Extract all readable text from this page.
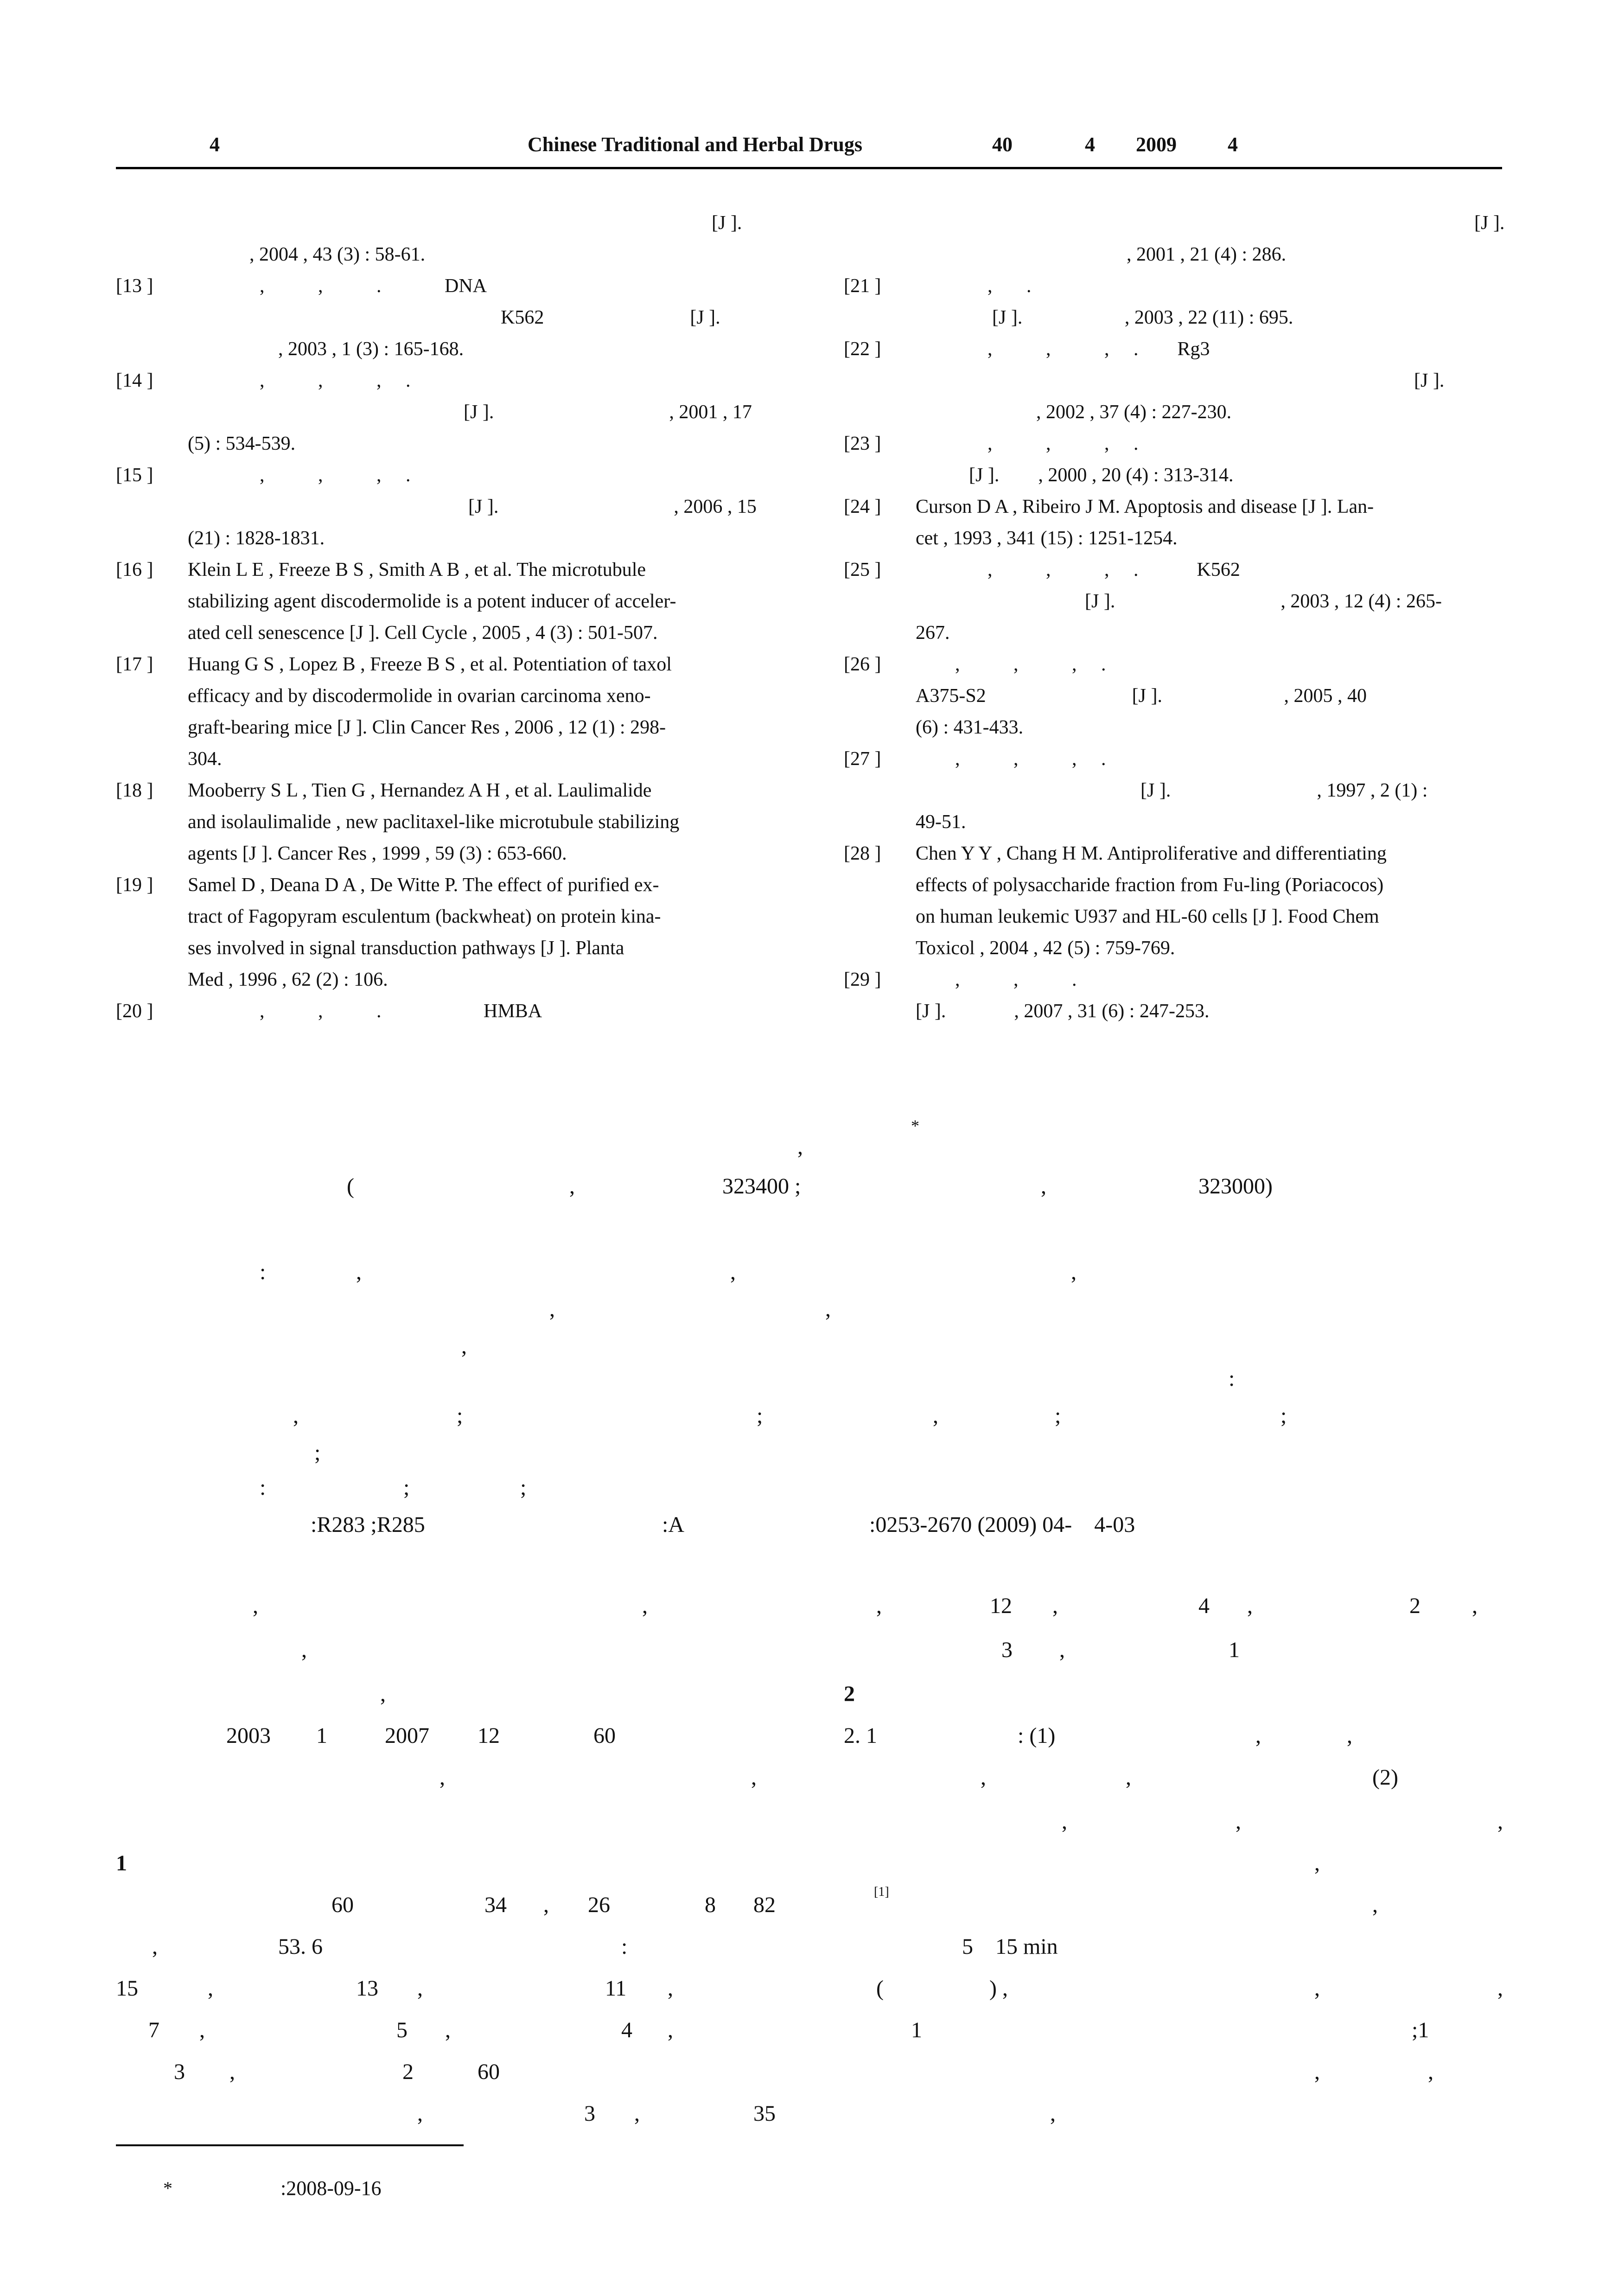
4	Chinese Traditional and Herbal Drugs	40	4 2009	4
[J ].
, 2004 , 43 (3) : 58-61.
[13 ]	,           ,           .             DNA
K562                              [J ].
, 2003 , 1 (3) : 165-168.
[14 ]	,           ,           ,     .
[J ].                                    , 2001 , 17
(5) : 534-539.
[15 ]	,           ,           ,     .
[J ].                                    , 2006 , 15
(21) : 1828-1831.
[16 ] Klein L E , Freeze B S , Smith A B , et al. The microtubule
stabilizing agent discodermolide is a potent inducer of acceler-
ated cell senescence [J ]. Cell Cycle , 2005 , 4 (3) : 501-507.
[17 ] Huang G S , Lopez B , Freeze B S , et al. Potentiation of taxol
efficacy and by discodermolide in ovarian carcinoma xeno-
graft-bearing mice [J ]. Clin Cancer Res , 2006 , 12 (1) : 298-
304.
[18 ] Mooberry S L , Tien G , Hernandez A H , et al. Laulimalide
and isolaulimalide , new paclitaxel-like microtubule stabilizing
agents [J ]. Cancer Res , 1999 , 59 (3) : 653-660.
[19 ] Samel D , Deana D A , De Witte P. The effect of purified ex-
tract of Fagopyram esculentum (backwheat) on protein kina-
ses involved in signal transduction pathways [J ]. Planta
Med , 1996 , 62 (2) : 106.
[20 ]	,           ,           .                     HMBA
[J ].
, 2001 , 21 (4) : 286.
[21 ]	,       .
[J ].                     , 2003 , 22 (11) : 695.
[22 ]	,           ,           ,     .        Rg3
[J ].
, 2002 , 37 (4) : 227-230.
[23 ]	,           ,           ,     .
[J ].        , 2000 , 20 (4) : 313-314.
[24 ] Curson D A , Ribeiro J M. Apoptosis and disease [J ]. Lan-
cet , 1993 , 341 (15) : 1251-1254.
[25 ]	,           ,           ,     .            K562
[J ].                                  , 2003 , 12 (4) : 265-
267.
[26 ]	,           ,           ,     .
A375-S2                              [J ].                         , 2005 , 40
(6) : 431-433.
[27 ]	,           ,           ,     .
[J ].                              , 1997 , 2 (1) :
49-51.
[28 ] Chen Y Y , Chang H M. Antiproliferative and differentiating
effects of polysaccharide fraction from Fu-ling (Poriacocos)
on human leukemic U937 and HL-60 cells [J ]. Food Chem
Toxicol , 2004 , 42 (5) : 759-769.
[29 ]	,           ,           .
[J ].              , 2007 , 31 (6) : 247-253.
,
*
(	,	323400 ;	,	323000)
:	,	,	,
,	,
,
:
,	;	;	,	;	;
;
:	;	;
:R283 ;R285	:A	:0253-2670 (2009) 04-    4-03
,	,
,
,
2003 1	2007 12	60
,	,
1
60	34	26	8 82
,	53. 6	:
15	13	11
7	5	4
3	2	60
3	35
,	,	,
,	,	,
,
,	,
,
,	12 ,	4 ,	2 ,
3 ,	1
2
2. 1	: (1)	,	,
,	,	(2)
,	,	,
,
[1]
,
5    15 min
(                   ) ,	,	,
1	;1
,	,
,
*	:2008-09-16
